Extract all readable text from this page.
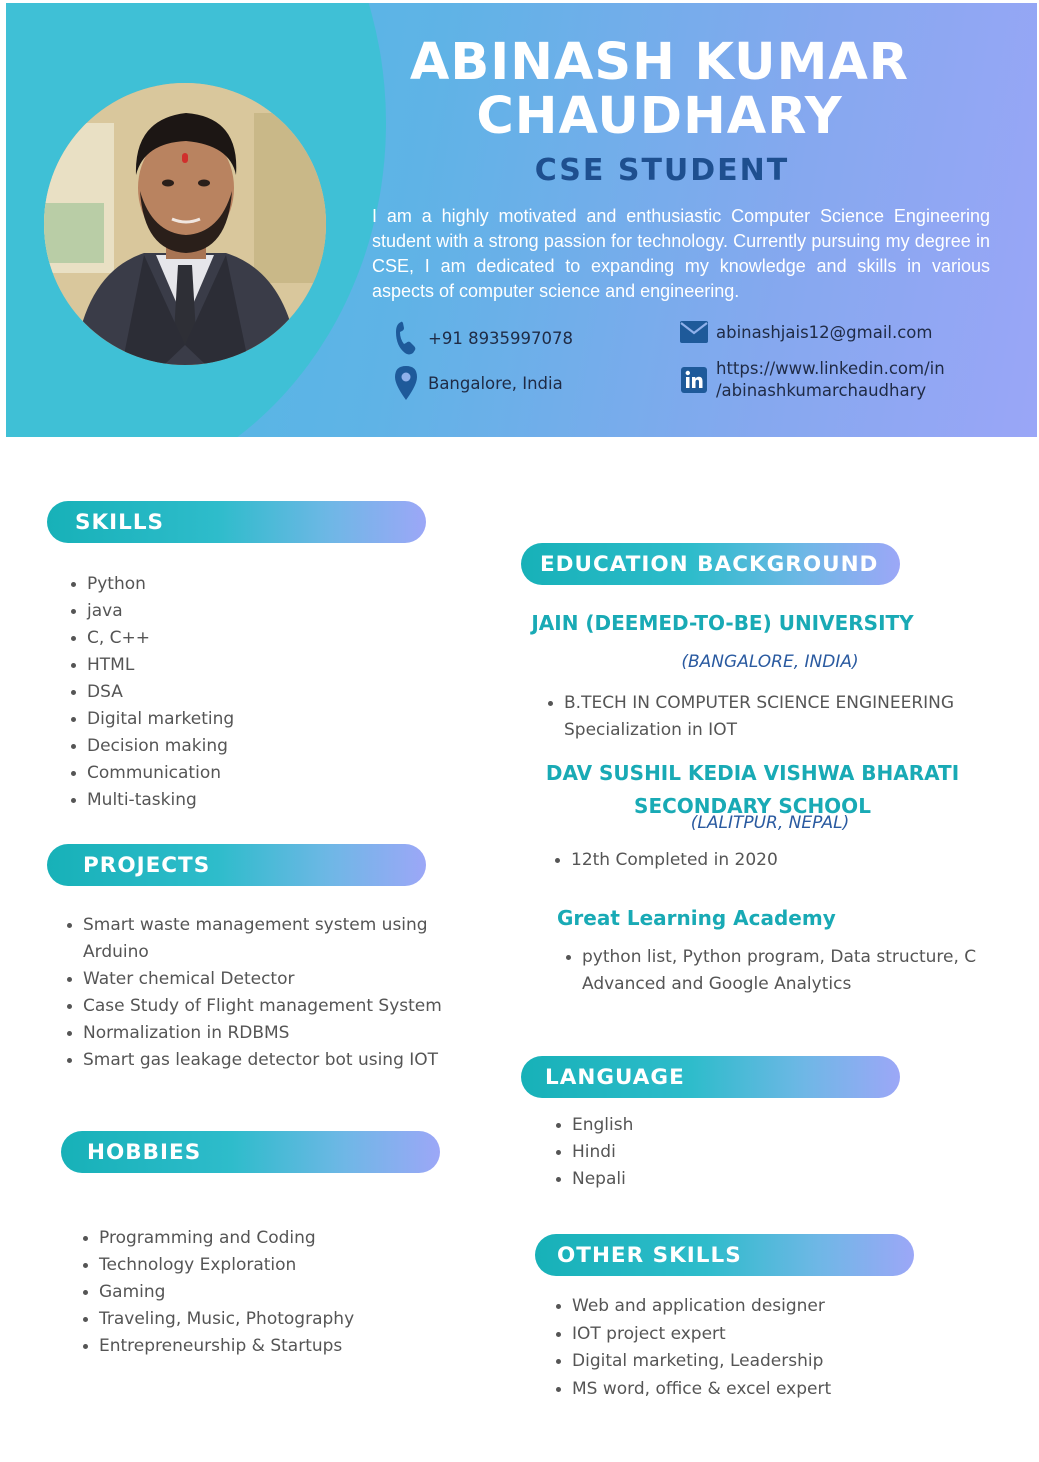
ABINASH KUMAR
CHAUDHARY
CSE STUDENT
I am a highly motivated and enthusiastic Computer Science Engineering student with a strong passion for technology. Currently pursuing my degree in CSE, I am dedicated to expanding my knowledge and skills in various aspects of computer science and engineering.
+91 8935997078
Bangalore, India
abinashjais12@gmail.com
https://www.linkedin.com/in
/abinashkumarchaudhary
SKILLS
Python
java
C, C++
HTML
DSA
Digital marketing
Decision making
Communication
Multi-tasking
PROJECTS
Smart waste management system using Arduino
Water chemical Detector
Case Study of Flight management System
Normalization in RDBMS
Smart gas leakage detector bot using IOT
HOBBIES
Programming and Coding
Technology Exploration
Gaming
Traveling, Music, Photography
Entrepreneurship & Startups
EDUCATION BACKGROUND
JAIN (DEEMED-TO-BE) UNIVERSITY
(BANGALORE, INDIA)
B.TECH IN COMPUTER SCIENCE ENGINEERING
Specialization in IOT
DAV SUSHIL KEDIA VISHWA BHARATI
SECONDARY SCHOOL
(LALITPUR, NEPAL)
12th Completed in 2020
Great Learning Academy
python list, Python program, Data structure, C Advanced and Google Analytics
LANGUAGE
English
Hindi
Nepali
OTHER SKILLS
Web and application designer
IOT project expert
Digital marketing, Leadership
MS word, office & excel expert
